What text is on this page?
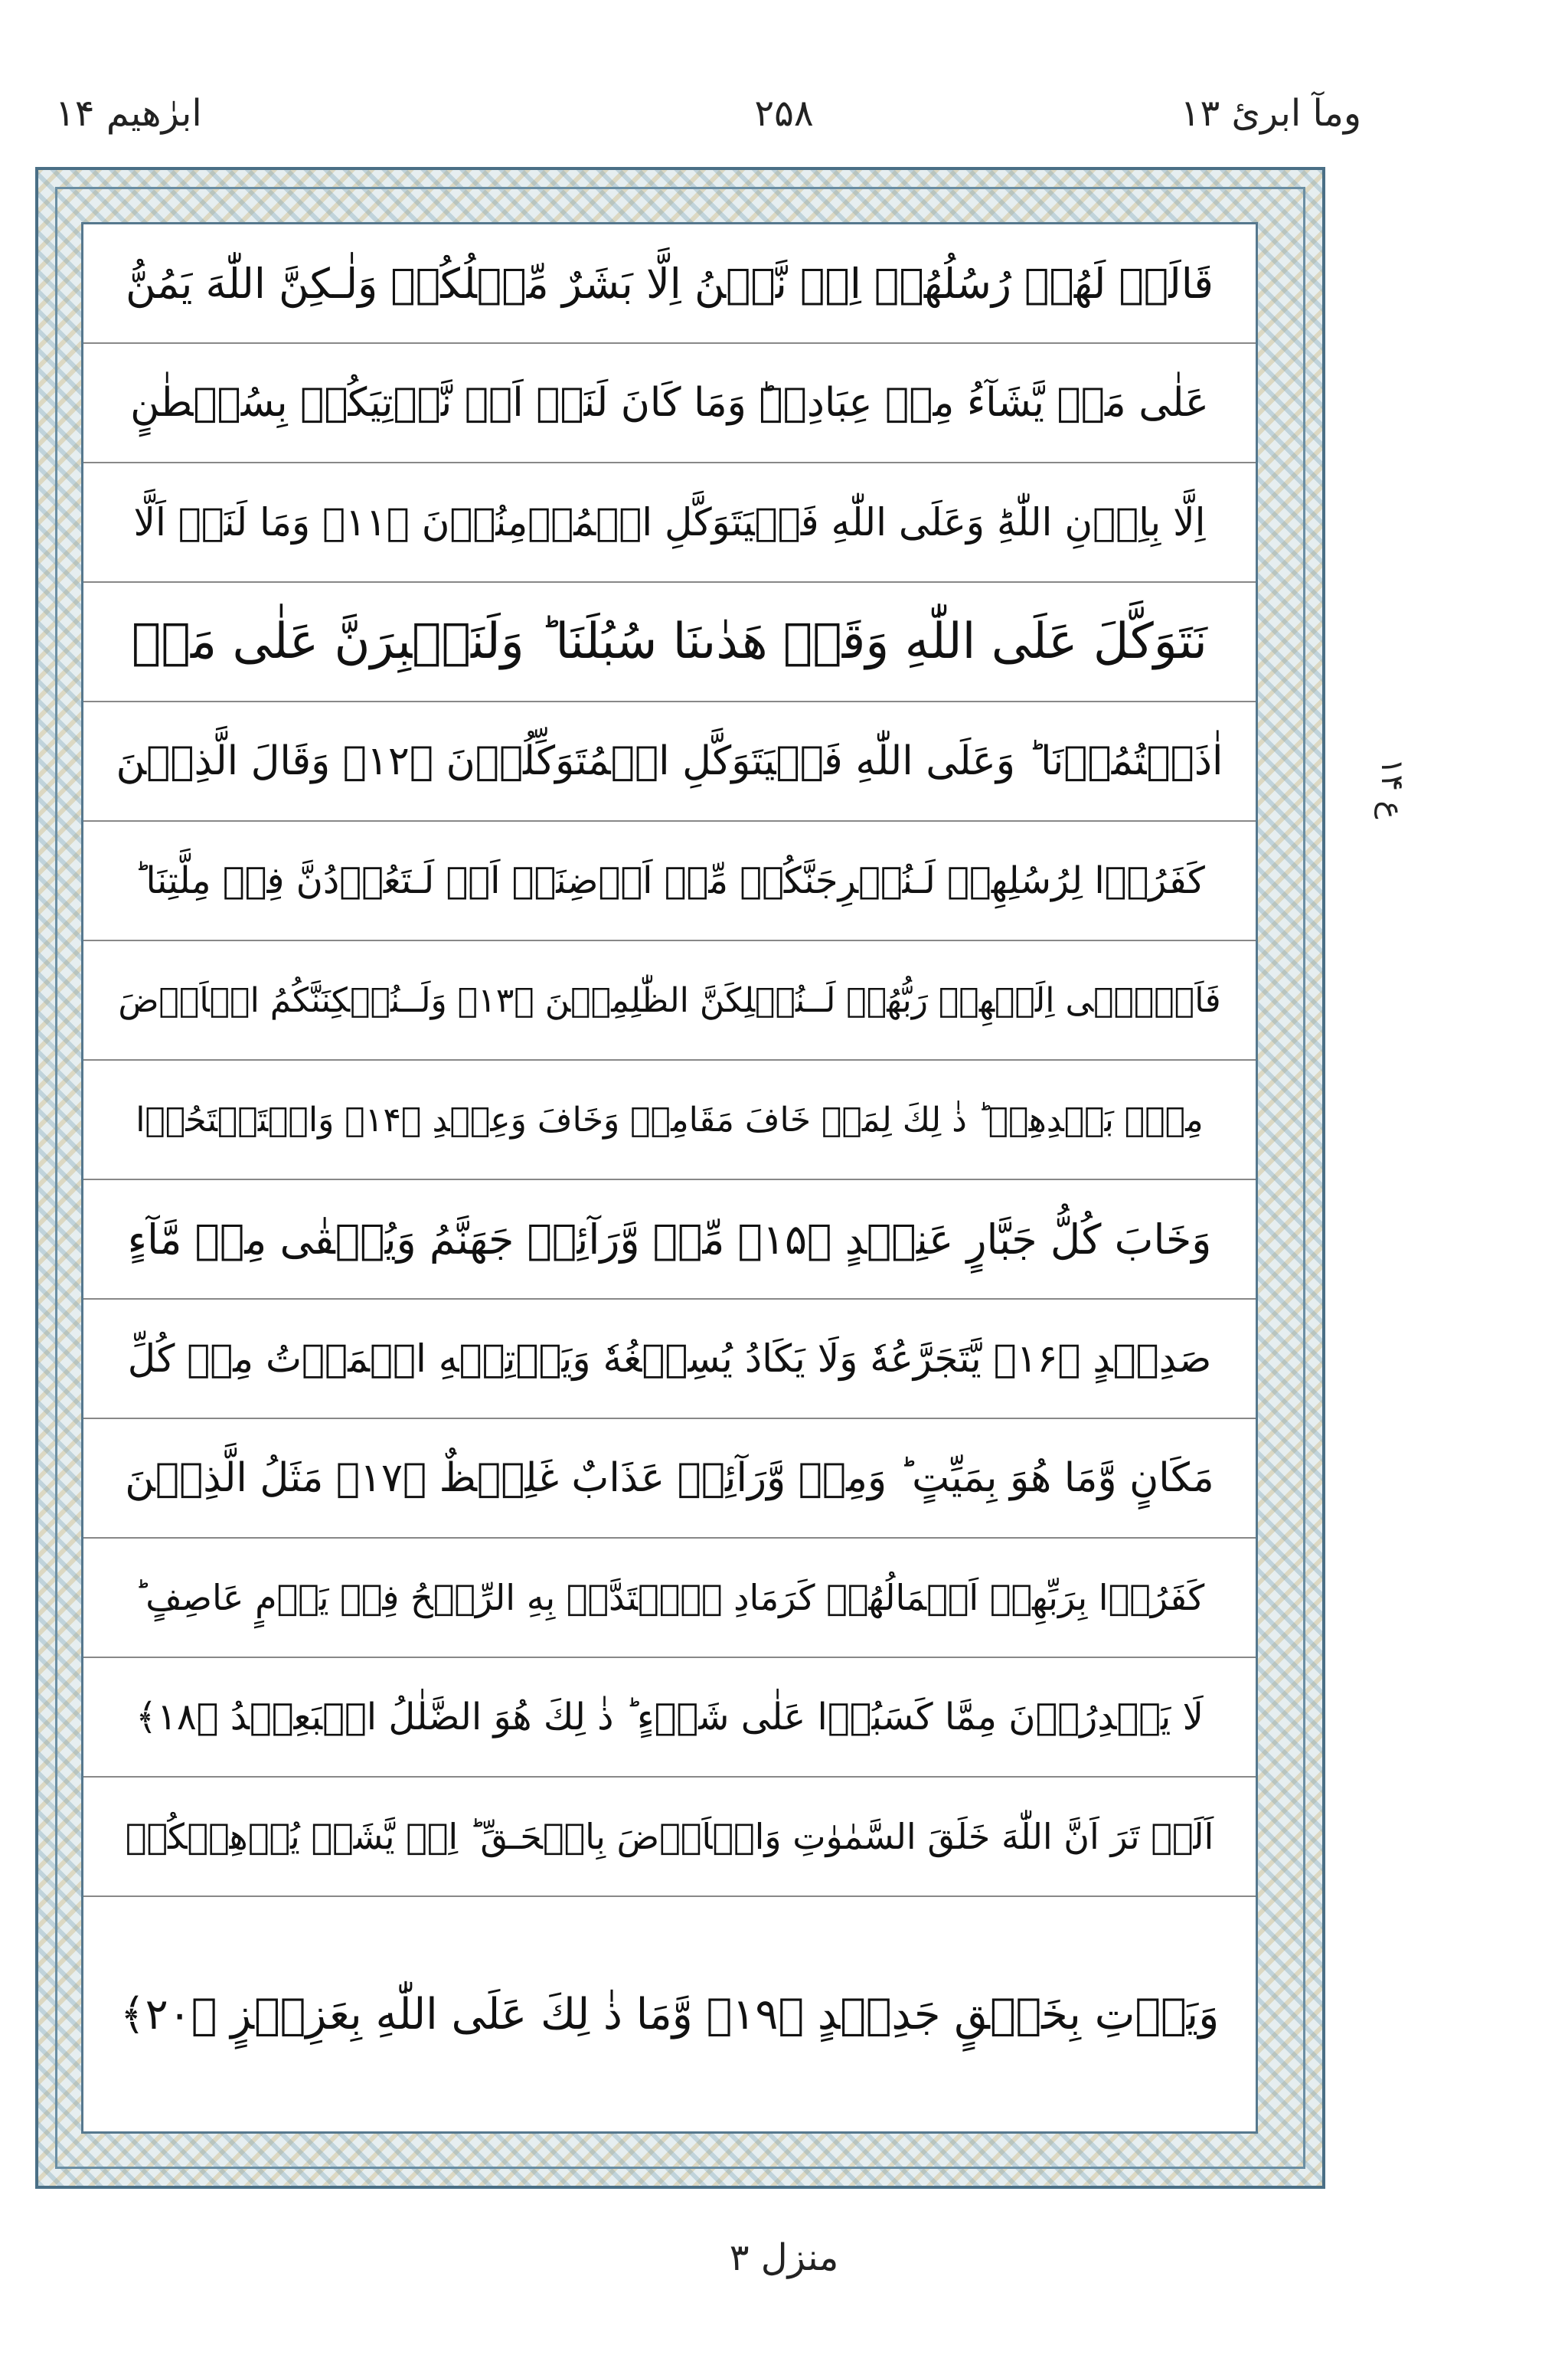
ابرٰهیم ۱۴	۲۵۸	ومآ ابرئ ۱۳
قَالَتۡ لَهُمۡ رُسُلُهُمۡ اِنۡ نَّحۡنُ اِلَّا بَشَرٌ مِّثۡلُكُمۡ وَلٰـكِنَّ اللّٰهَ يَمُنُّ
عَلٰى مَنۡ يَّشَآءُ مِنۡ عِبَادِهٖ​ؕ وَمَا كَانَ لَنَاۤ اَنۡ نَّاۡتِيَكُمۡ بِسُلۡطٰنٍ
اِلَّا بِاِذۡنِ اللّٰهِ​ؕ وَعَلَى اللّٰهِ فَلۡيَتَوَكَّلِ الۡمُؤۡمِنُوۡنَ ﴿۱۱﴾ وَمَا لَنَاۤ اَلَّا
نَتَوَكَّلَ عَلَى اللّٰهِ وَقَدۡ هَدٰٮنَا سُبُلَنَا​ ؕ وَلَنَصۡبِرَنَّ عَلٰى مَاۤ
اٰذَيۡتُمُوۡنَا​ ؕ وَعَلَى اللّٰهِ فَلۡيَتَوَكَّلِ الۡمُتَوَكِّلُوۡنَ ﴿۱۲﴾ وَقَالَ الَّذِيۡنَ
كَفَرُوۡا لِرُسُلِهِمۡ لَـنُخۡرِجَنَّكُمۡ مِّنۡ اَرۡضِنَاۤ اَوۡ لَـتَعُوۡدُنَّ فِىۡ مِلَّتِنَا​ ؕ
فَاَوۡحٰۤى اِلَيۡهِمۡ رَبُّهُمۡ لَــنُهۡلِكَنَّ الظّٰلِمِيۡنَ ﴿۱۳﴾ وَلَــنُسۡكِنَنَّكُمُ الۡاَرۡضَ
مِنۡۢ بَعۡدِهِمۡ​ ؕ ذٰ لِكَ لِمَنۡ خَافَ مَقَامِىۡ وَخَافَ وَعِيۡدِ ﴿۱۴﴾ وَاسۡتَفۡتَحُوۡا
وَخَابَ كُلُّ جَبَّارٍ عَنِيۡدٍ ﴿۱۵﴾ مِّنۡ وَّرَآئِهٖ جَهَنَّمُ وَيُسۡقٰى مِنۡ مَّآءٍ
صَدِيۡدٍ ﴿۱۶﴾ يَّتَجَرَّعُهٗ وَلَا يَكَادُ يُسِيۡغُهٗ وَيَاۡتِيۡهِ الۡمَوۡتُ مِنۡ كُلِّ
مَكَانٍ وَّمَا هُوَ بِمَيِّتٍ​ ؕ وَمِنۡ وَّرَآئِهٖ عَذَابٌ غَلِيۡظٌ ﴿۱۷﴾ مَثَلُ الَّذِيۡنَ
كَفَرُوۡا بِرَبِّهِمۡ​ اَعۡمَالُهُمۡ كَرَمَادِ اۨشۡتَدَّتۡ بِهِ الرِّيۡحُ فِىۡ يَوۡمٍ عَاصِفٍ​ ؕ
لَا يَقۡدِرُوۡنَ مِمَّا كَسَبُوۡا عَلٰى شَىۡءٍ​ ؕ ذٰ لِكَ هُوَ الضَّلٰلُ الۡبَعِيۡدُ ﴿۱۸﴾
اَلَمۡ تَرَ اَنَّ اللّٰهَ خَلَقَ السَّمٰوٰتِ وَالۡاَرۡضَ بِالۡحَـقِّ​ ؕ اِنۡ يَّشَاۡ يُذۡهِبۡكُمۡ
وَيَاۡتِ بِخَلۡقٍ جَدِيۡدٍ ﴿۱۹﴾ وَّمَا ذٰ لِكَ عَلَى اللّٰهِ بِعَزِيۡزٍ ﴿۲۰﴾
ع ۱۴
منزل ۳
